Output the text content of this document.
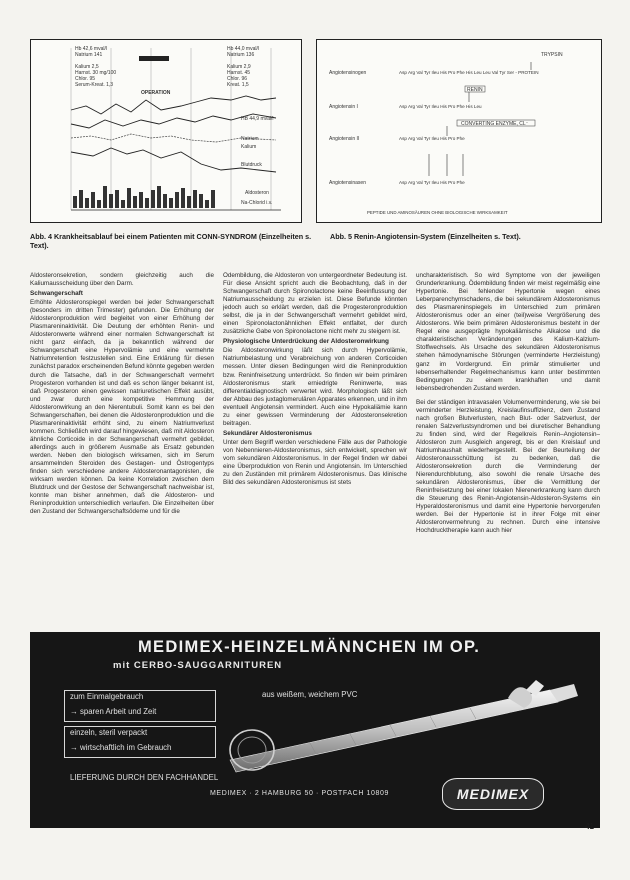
Hb 42,6 mval/l
Natrium 141
Kalium 2,5
Harnst. 30 mg/100
Chlor. 95
Serum-Kreat. 1,3
Hb 44,0 mval/l
Natrium 136
Kalium 2,9
Harnst. 45
Chlor. 96
Kreat. 1,5
OPERATION
HB 44,9 mval/l
Natrium
Kalium
Blutdruck
Aldosteron
Na-Chlorid i.v.
Abb. 4 Krankheitsablauf bei einem Patienten mit CONN-SYNDROM (Einzelheiten s. Text).
TRYPSIN
Angiotensinogen	Asp Arg Val Tyr Ileu His Pro Phe His Leu Leu Val Tyr Ser - PROTEIN
RENIN
Angiotensin I	Asp Arg Val Tyr Ileu His Pro Phe His Leu
CONVERTING ENZYME, CL⁻
Angiotensin II	Asp Arg Val Tyr Ileu His Pro Phe
Angiotensinasen	Asp Arg Val Tyr Ileu His Pro Phe
PEPTIDE UND AMINOSÄUREN OHNE BIOLOGISCHE WIRKSAMKEIT
Abb. 5 Renin-Angiotensin-System (Einzelheiten s. Text).

Aldosteronsekretion, sondern gleichzeitig auch die Kaliumausscheidung über den Darm.

Schwangerschaft

Erhöhte Aldosteronspiegel werden bei jeder Schwangerschaft (besonders im dritten Trimester) gefunden. Die Erhöhung der Aldosteronproduktion wird begleitet von einer Erhöhung der Plasmareninaktivität. Die Deutung der erhöhten Renin- und Aldosteronwerte während einer normalen Schwangerschaft ist nicht ganz einfach, da ja bekanntlich während der Schwangerschaft eine Hypervolämie und eine vermehrte Natriumretention festzustellen sind. Eine Erklärung für diesen zunächst paradox erscheinenden Befund könnte gegeben werden durch die Tatsache, daß in der Schwangerschaft vermehrt Progesteron vorhanden ist und daß es schon länger bekannt ist, daß Progesteron einen gewissen natriuretischen Effekt ausübt, und zwar durch eine kompetitive Hemmung der Aldosteronwirkung an den Nierentubuli. Somit kann es bei den Schwangerschaften, bei denen die Aldosteronproduktion und die Plasmareninaktivität erhöht sind, zu einem Natriumverlust kommen. Schließlich wird darauf hingewiesen, daß mit Aldosteron ähnliche Corticoide in der Schwangerschaft vermehrt gebildet, allerdings auch in größerem Ausmaße als Ersatz gebunden werden. Neben den biologisch wirksamen, sich im Serum ansammelnden Steroiden des Gestagen- und Östrogentyps finden sich verschiedene andere Aldosteronantagonisten, die wirksam werden können. Da keine Korrelation zwischen dem Blutdruck und der Gestose der Schwangerschaft nachweisbar ist, konnte man bisher annehmen, daß die Aldosteron- und Reninproduktion unterschiedlich verlaufen. Die Einzelheiten über den Zustand der Schwangerschaftsödeme und für die

Ödembildung, die Aldosteron von untergeordneter Bedeutung ist. Für diese Ansicht spricht auch die Beobachtung, daß in der Schwangerschaft durch Spironolactone keine Beeinflussung der Natriumausscheidung zu erzielen ist. Diese Befunde könnten jedoch auch so erklärt werden, daß die Progesteronproduktion selbst, die ja in der Schwangerschaft vermehrt gebildet wird, einen Spironolactonähnlichen Effekt entfaltet, der durch zusätzliche Gabe von Spironolactone nicht mehr zu steigern ist.

Physiologische Unterdrückung der Aldosteronwirkung

Die Aldosteronwirkung läßt sich durch Hypervolämie, Natriumbelastung und Verabreichung von anderen Corticoiden messen. Unter diesen Bedingungen wird die Reninproduktion bzw. Reninfreisetzung unterdrückt. So finden wir beim primären Aldosteronismus stark erniedrigte Reninwerte, was differentialdiagnostisch verwertet wird. Morphologisch läßt sich der Abbau des juxtaglomerulären Apparates erkennen, und in ihm eventuell Angiotensin vermindert. Auch eine Hypokaliämie kann zu einer gewissen Verminderung der Aldosteronsekretion beitragen.

Sekundärer Aldosteronismus

Unter dem Begriff werden verschiedene Fälle aus der Pathologie von Nebennieren-Aldosteronismus, sich entwickelt, sprechen wir vom sekundären Aldosteronismus. In der Regel finden wir dabei eine Überproduktion von Renin und Angiotensin. Im Unterschied zu den Zuständen mit primärem Aldosteronismus. Das klinische Bild des sekundären Aldosteronismus ist stets

uncharakteristisch. So wird Symptome von der jeweiligen Grunderkrankung. Ödembildung finden wir meist regelmäßig eine Hypertonie. Bei fehlender Hypertonie wegen eines Leberparenchymschadens, die bei sekundärem Aldosteronismus des Plasmareninspiegels im Unterschied zum primären Aldosteronismus oder an einer (teil)weise Vergrößerung des Aldosterons. Wie beim primären Aldosteronismus besteht in der Regel eine ausgeprägte hypokaliämische Alkalose und die charakteristischen Veränderungen des Kalium-Kalzium-Stoffwechsels. Als Ursache des sekundären Aldosteronismus stehen hämodynamische Störungen (verminderte Herzleistung) ganz im Vordergrund. Ein primär stimulierter und lebenserhaltender Regelmechanismus kann unter bestimmten Bedingungen zu einem krankhaften und damit lebensbedrohenden Zustand werden.

Bei der ständigen intravasalen Volumenverminderung, wie sie bei verminderter Herzleistung, Kreislaufinsuffizienz, dem Zustand nach großen Blutverlusten, nach Blut- oder Salzverlust, der renalen Salzverlustsyndromen und bei diuretischer Behandlung zu finden sind, wird der Regelkreis Renin–Angiotensin–Aldosteron zum Ausgleich angeregt, bis er den Kreislauf und Natriumhaushalt wiederhergestellt. Bei der Beurteilung der Aldosteronausschüttung ist zu bedenken, daß die Aldosteronsekretion durch die Verminderung der Nierendurchblutung, also sowohl die renale Ursache des sekundären Aldosteronismus, über die Vermittlung der Reninfreisetzung bei einer lokalen Nierenerkrankung kann durch die Steuerung des Renin-Angiotensin-Aldosteron-Systems ein Hyperaldosteronismus und damit eine Hypertonie hervorgerufen werden. Bei der Hypertonie ist in ihrer Folge mit einer Aldosteronvermehrung zu rechnen. Durch eine intensive Hochdrucktherapie kann auch hier

MEDIMEX-HEINZELMÄNNCHEN IM OP.
mit CERBO-SAUGGARNITUREN
zum Einmalgebrauch
→ sparen Arbeit und Zeit
einzeln, steril verpackt
→ wirtschaftlich im Gebrauch
aus weißem, weichem PVC
LIEFERUNG DURCH DEN FACHHANDEL
MEDIMEX · 2 HAMBURG 50 · POSTFACH 10809	MEDIMEX
41
